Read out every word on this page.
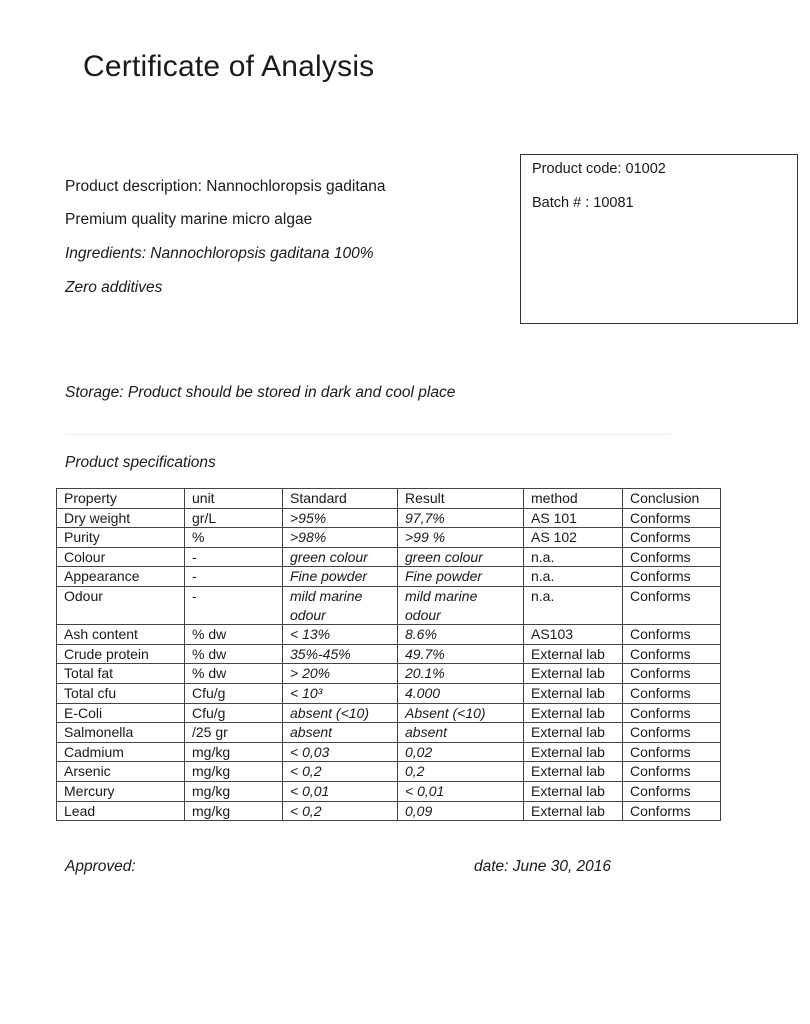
Certificate of Analysis
Product description: Nannochloropsis gaditana
Premium quality marine micro algae
Ingredients: Nannochloropsis gaditana 100%
Zero additives
Product code: 01002
Batch # : 10081
Storage: Product should be stored in dark and cool place
Product specifications
Property	unit	Standard	Result	method	Conclusion
Dry weight	gr/L	>95%	97,7%	AS 101	Conforms
Purity	%	>98%	>99 %	AS 102	Conforms
Colour	-	green colour	green colour	n.a.	Conforms
Appearance	-	Fine powder	Fine powder	n.a.	Conforms
Odour	-	mild marine odour	mild marine odour	n.a.	Conforms
Ash content	% dw	< 13%	8.6%	AS103	Conforms
Crude protein	% dw	35%-45%	49.7%	External lab	Conforms
Total fat	% dw	> 20%	20.1%	External lab	Conforms
Total cfu	Cfu/g	< 10³	4.000	External lab	Conforms
E-Coli	Cfu/g	absent (<10)	Absent (<10)	External lab	Conforms
Salmonella	/25 gr	absent	absent	External lab	Conforms
Cadmium	mg/kg	< 0,03	0,02	External lab	Conforms
Arsenic	mg/kg	< 0,2	0,2	External lab	Conforms
Mercury	mg/kg	< 0,01	< 0,01	External lab	Conforms
Lead	mg/kg	< 0,2	0,09	External lab	Conforms
Approved:	date: June 30, 2016
